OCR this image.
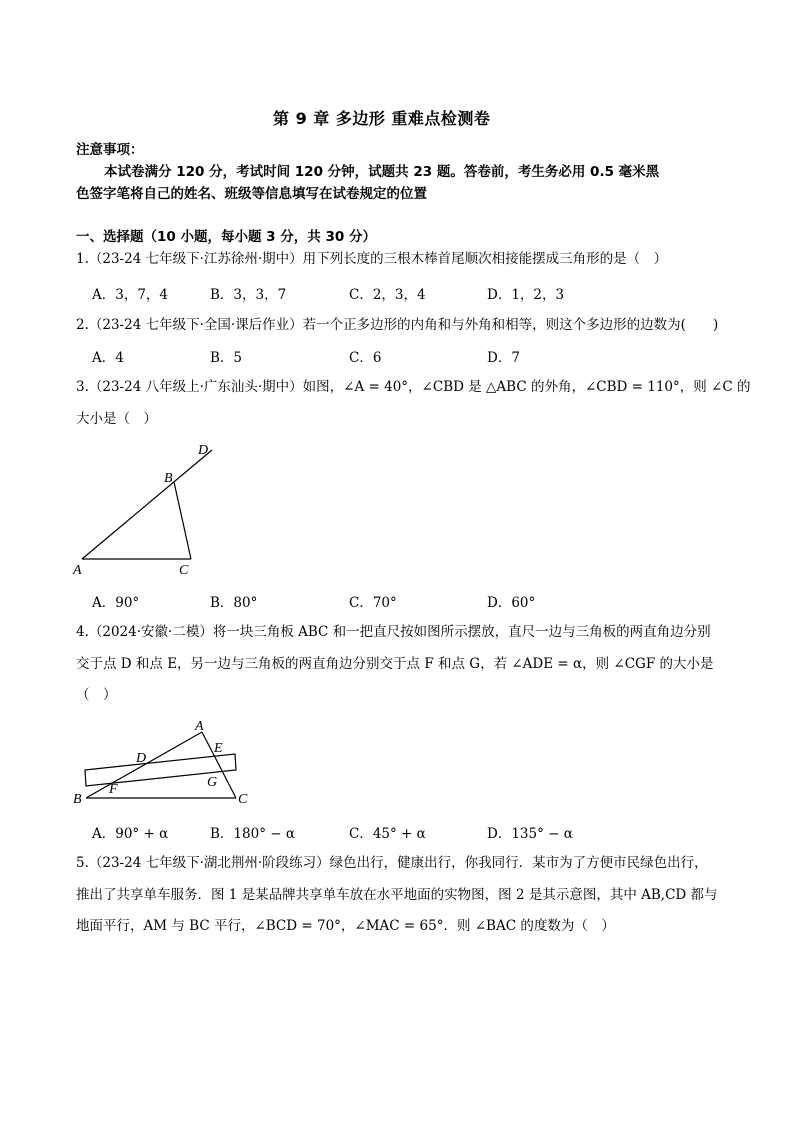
第 9 章 多边形 重难点检测卷
注意事项：
本试卷满分 120 分，考试时间 120 分钟，试题共 23 题。答卷前，考生务必用 0.5 毫米黑
色签字笔将自己的姓名、班级等信息填写在试卷规定的位置
一、选择题（10 小题，每小题 3 分，共 30 分）
1.（23-24 七年级下·江苏徐州·期中）用下列长度的三根木棒首尾顺次相接能摆成三角形的是（　）
A．3，7，4	B．3，3，7	C．2，3，4	D．1，2，3
2.（23-24 七年级下·全国·课后作业）若一个正多边形的内角和与外角和相等，则这个多边形的边数为(　　)
A．4	B．5	C．6	D．7
3.（23-24 八年级上·广东汕头·期中）如图，∠A = 40°，∠CBD 是 △ABC 的外角，∠CBD = 110°，则 ∠C 的
大小是（　）
D
B
A	C
A．90°	B．80°	C．70°	D．60°
4.（2024·安徽·二模）将一块三角板 ABC 和一把直尺按如图所示摆放，直尺一边与三角板的两直角边分别
交于点 D 和点 E，另一边与三角板的两直角边分别交于点 F 和点 G，若 ∠ADE = α，则 ∠CGF 的大小是
（　）
A
E
D
G
F
B	C
A．90° + α	B．180° − α	C．45° + α	D．135° − α
5.（23-24 七年级下·湖北荆州·阶段练习）绿色出行，健康出行，你我同行．某市为了方便市民绿色出行，
推出了共享单车服务．图 1 是某品牌共享单车放在水平地面的实物图，图 2 是其示意图，其中 AB,CD 都与
地面平行，AM 与 BC 平行，∠BCD = 70°，∠MAC = 65°．则 ∠BAC 的度数为（　）
